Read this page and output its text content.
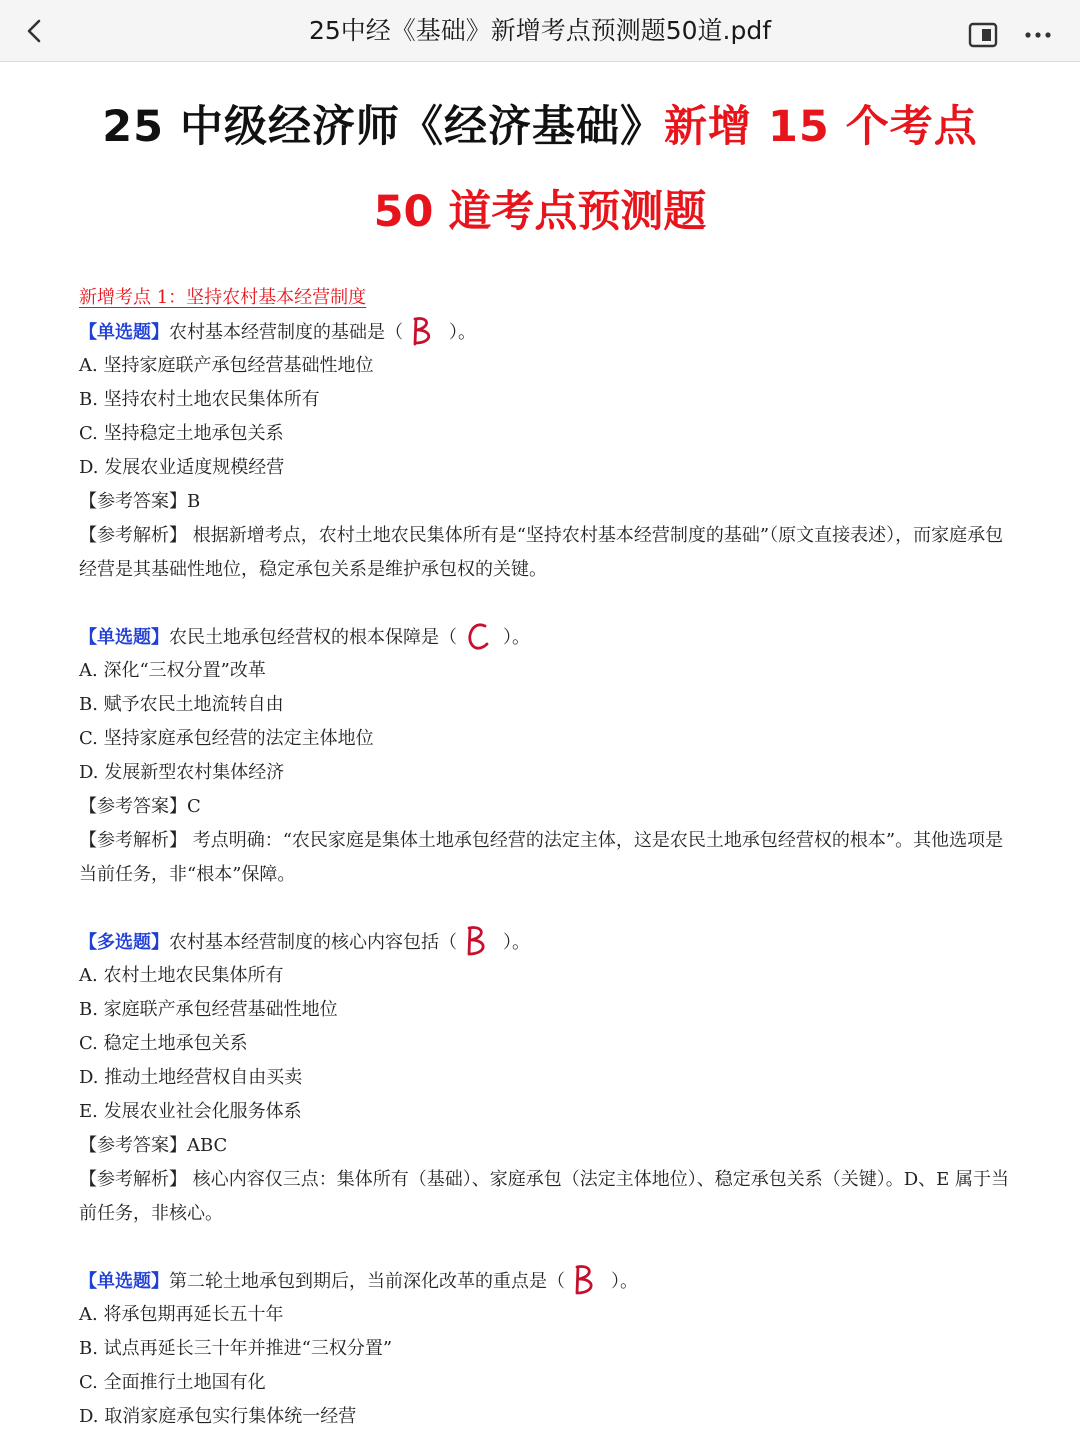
25中经《基础》新增考点预测题50道.pdf
25 中级经济师《经济基础》新增 15 个考点
50 道考点预测题
新增考点 1：坚持农村基本经营制度
【单选题】农村基本经营制度的基础是（	）。
A. 坚持家庭联产承包经营基础性地位
B. 坚持农村土地农民集体所有
C. 坚持稳定土地承包关系
D. 发展农业适度规模经营
【参考答案】B
【参考解析】 根据新增考点，农村土地农民集体所有是“坚持农村基本经营制度的基础”（原文直接表述），而家庭承包经营是其基础性地位，稳定承包关系是维护承包权的关键。
【单选题】农民土地承包经营权的根本保障是（	）。
A. 深化“三权分置”改革
B. 赋予农民土地流转自由
C. 坚持家庭承包经营的法定主体地位
D. 发展新型农村集体经济
【参考答案】C
【参考解析】 考点明确：“农民家庭是集体土地承包经营的法定主体，这是农民土地承包经营权的根本”。其他选项是当前任务，非“根本”保障。
【多选题】农村基本经营制度的核心内容包括（	）。
A. 农村土地农民集体所有
B. 家庭联产承包经营基础性地位
C. 稳定土地承包关系
D. 推动土地经营权自由买卖
E. 发展农业社会化服务体系
【参考答案】ABC
【参考解析】 核心内容仅三点：集体所有（基础）、家庭承包（法定主体地位）、稳定承包关系（关键）。D、E 属于当前任务，非核心。
【单选题】第二轮土地承包到期后，当前深化改革的重点是（	）。
A. 将承包期再延长五十年
B. 试点再延长三十年并推进“三权分置”
C. 全面推行土地国有化
D. 取消家庭承包实行集体统一经营
